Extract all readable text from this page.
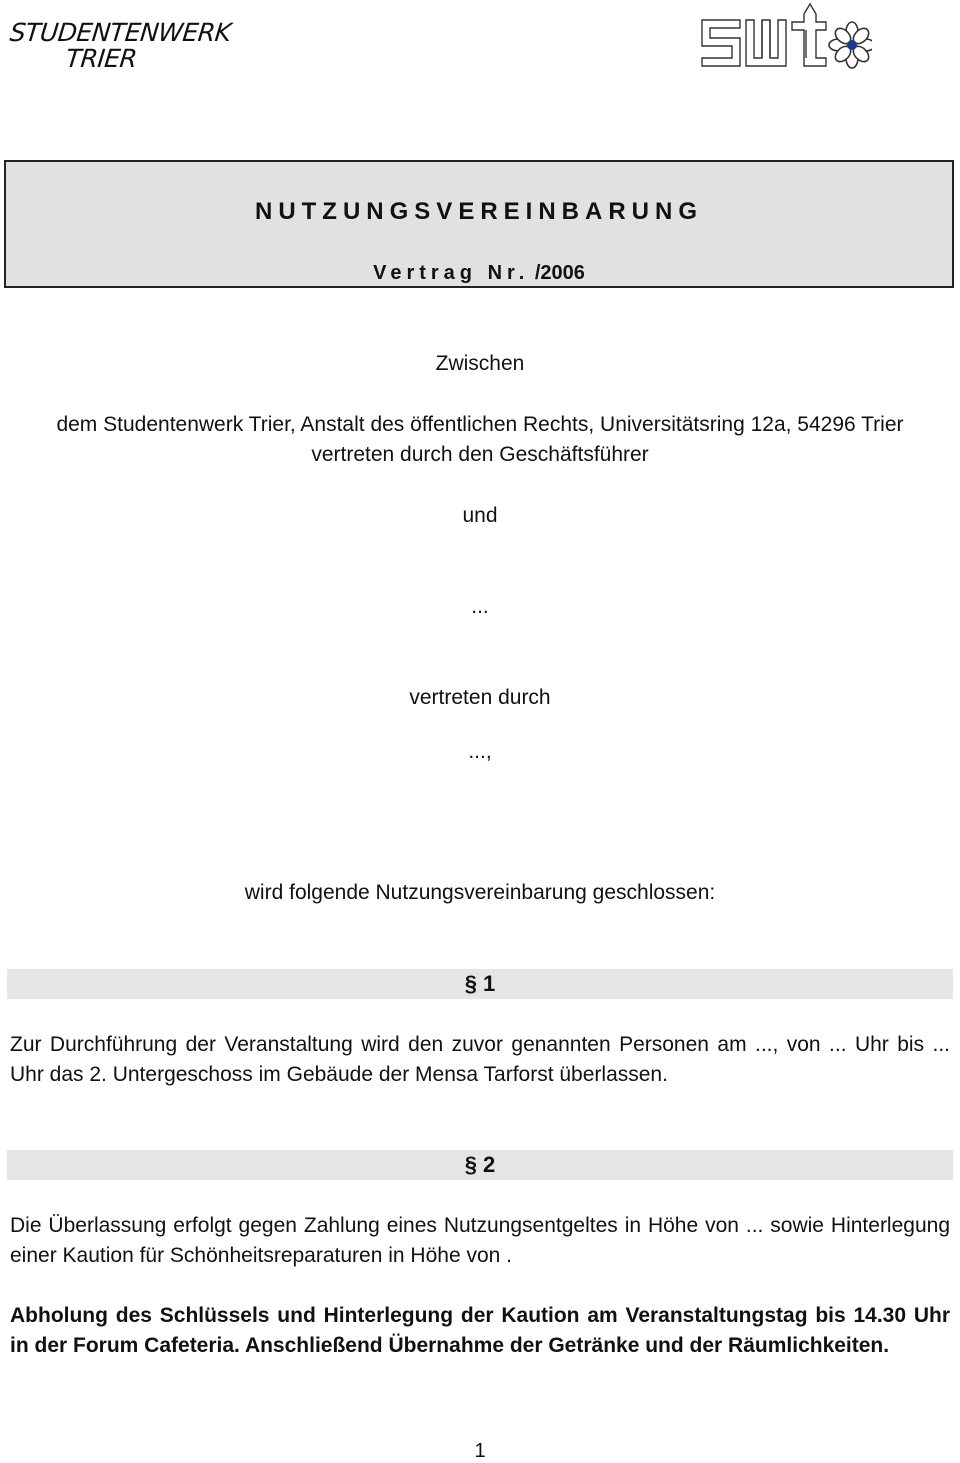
STUDENTENWERK
TRIER
NUTZUNGSVEREINBARUNG
Vertrag Nr. /2006
Zwischen
dem Studentenwerk Trier, Anstalt des öffentlichen Rechts, Universitätsring 12a, 54296 Trier
vertreten durch den Geschäftsführer
und
...
vertreten durch
...,
wird folgende Nutzungsvereinbarung geschlossen:
§ 1
Zur Durchführung der Veranstaltung wird den zuvor genannten Personen am ..., von ... Uhr bis ... Uhr das 2. Untergeschoss im Gebäude der Mensa Tarforst überlassen.
§ 2
Die Überlassung erfolgt gegen Zahlung eines Nutzungsentgeltes in Höhe von ... sowie Hinterlegung einer Kaution für Schönheitsreparaturen in Höhe von .
Abholung des Schlüssels und Hinterlegung der Kaution am Veranstaltungstag bis 14.30 Uhr in der Forum Cafeteria. Anschließend Übernahme der Getränke und der Räumlichkeiten.
1
